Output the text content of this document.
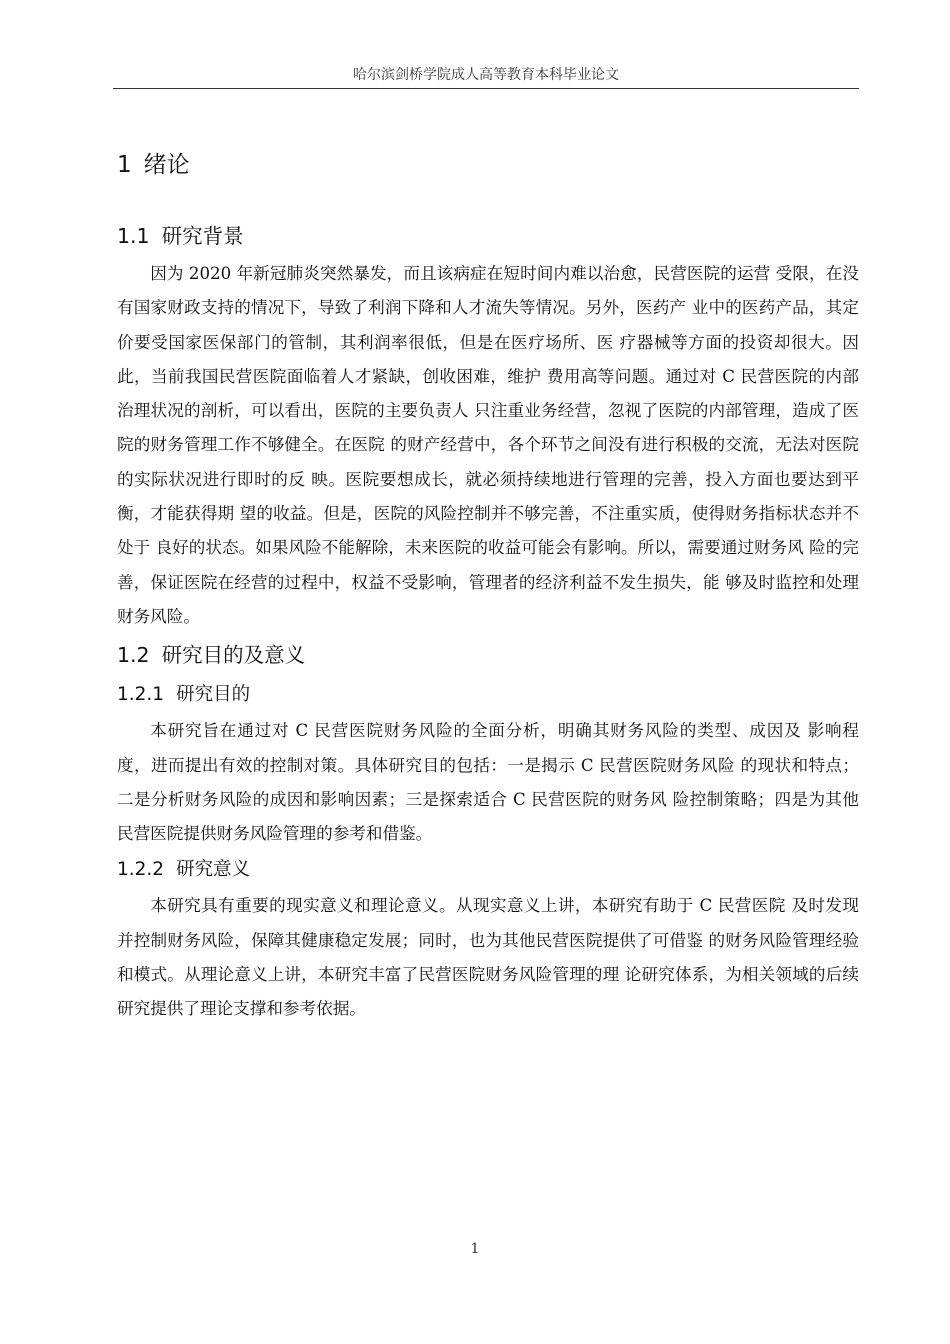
哈尔滨剑桥学院成人高等教育本科毕业论文
1 绪论
1.1 研究背景

因为 2020 年新冠肺炎突然暴发，而且该病症在短时间内难以治愈，民营医院的运营 受限，在没有国家财政支持的情况下，导致了利润下降和人才流失等情况。另外，医药产 业中的医药产品，其定价要受国家医保部门的管制，其利润率很低，但是在医疗场所、医 疗器械等方面的投资却很大。因此，当前我国民营医院面临着人才紧缺，创收困难，维护 费用高等问题。通过对 C 民营医院的内部治理状况的剖析，可以看出，医院的主要负责人 只注重业务经营，忽视了医院的内部管理，造成了医院的财务管理工作不够健全。在医院 的财产经营中，各个环节之间没有进行积极的交流，无法对医院的实际状况进行即时的反 映。医院要想成长，就必须持续地进行管理的完善，投入方面也要达到平衡，才能获得期 望的收益。但是，医院的风险控制并不够完善，不注重实质，使得财务指标状态并不处于 良好的状态。如果风险不能解除，未来医院的收益可能会有影响。所以，需要通过财务风 险的完善，保证医院在经营的过程中，权益不受影响，管理者的经济利益不发生损失，能 够及时监控和处理财务风险。

1.2 研究目的及意义
1.2.1 研究目的

本研究旨在通过对 C 民营医院财务风险的全面分析，明确其财务风险的类型、成因及 影响程度，进而提出有效的控制对策。具体研究目的包括：一是揭示 C 民营医院财务风险 的现状和特点；二是分析财务风险的成因和影响因素；三是探索适合 C 民营医院的财务风 险控制策略；四是为其他民营医院提供财务风险管理的参考和借鉴。

1.2.2 研究意义

本研究具有重要的现实意义和理论意义。从现实意义上讲，本研究有助于 C 民营医院 及时发现并控制财务风险，保障其健康稳定发展；同时，也为其他民营医院提供了可借鉴 的财务风险管理经验和模式。从理论意义上讲，本研究丰富了民营医院财务风险管理的理 论研究体系，为相关领域的后续研究提供了理论支撑和参考依据。

1
